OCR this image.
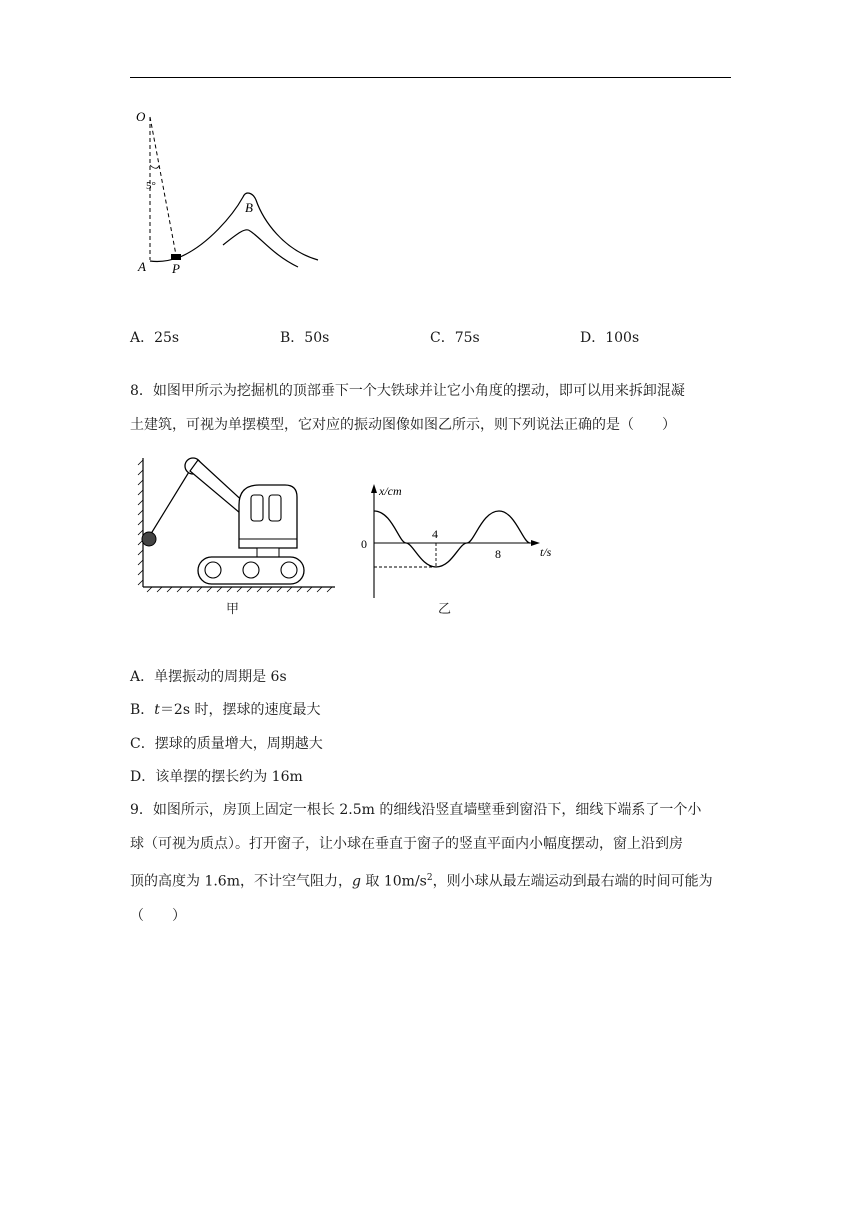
O
5°
B
A P
A．25s	B．50s	C．75s	D．100s
8．如图甲所示为挖掘机的顶部垂下一个大铁球并让它小角度的摆动，即可以用来拆卸混凝
土建筑，可视为单摆模型，它对应的振动图像如图乙所示，则下列说法正确的是（　　）
甲
x/cm
0
4
8	t/s
乙
A．单摆振动的周期是 6s
B．t＝2s 时，摆球的速度最大
C．摆球的质量增大，周期越大
D．该单摆的摆长约为 16m
9．如图所示，房顶上固定一根长 2.5m 的细线沿竖直墙壁垂到窗沿下，细线下端系了一个小
球（可视为质点）。打开窗子，让小球在垂直于窗子的竖直平面内小幅度摆动，窗上沿到房
顶的高度为 1.6m，不计空气阻力，g 取 $10m/s^2$，则小球从最左端运动到最右端的时间可能为
（　　）
